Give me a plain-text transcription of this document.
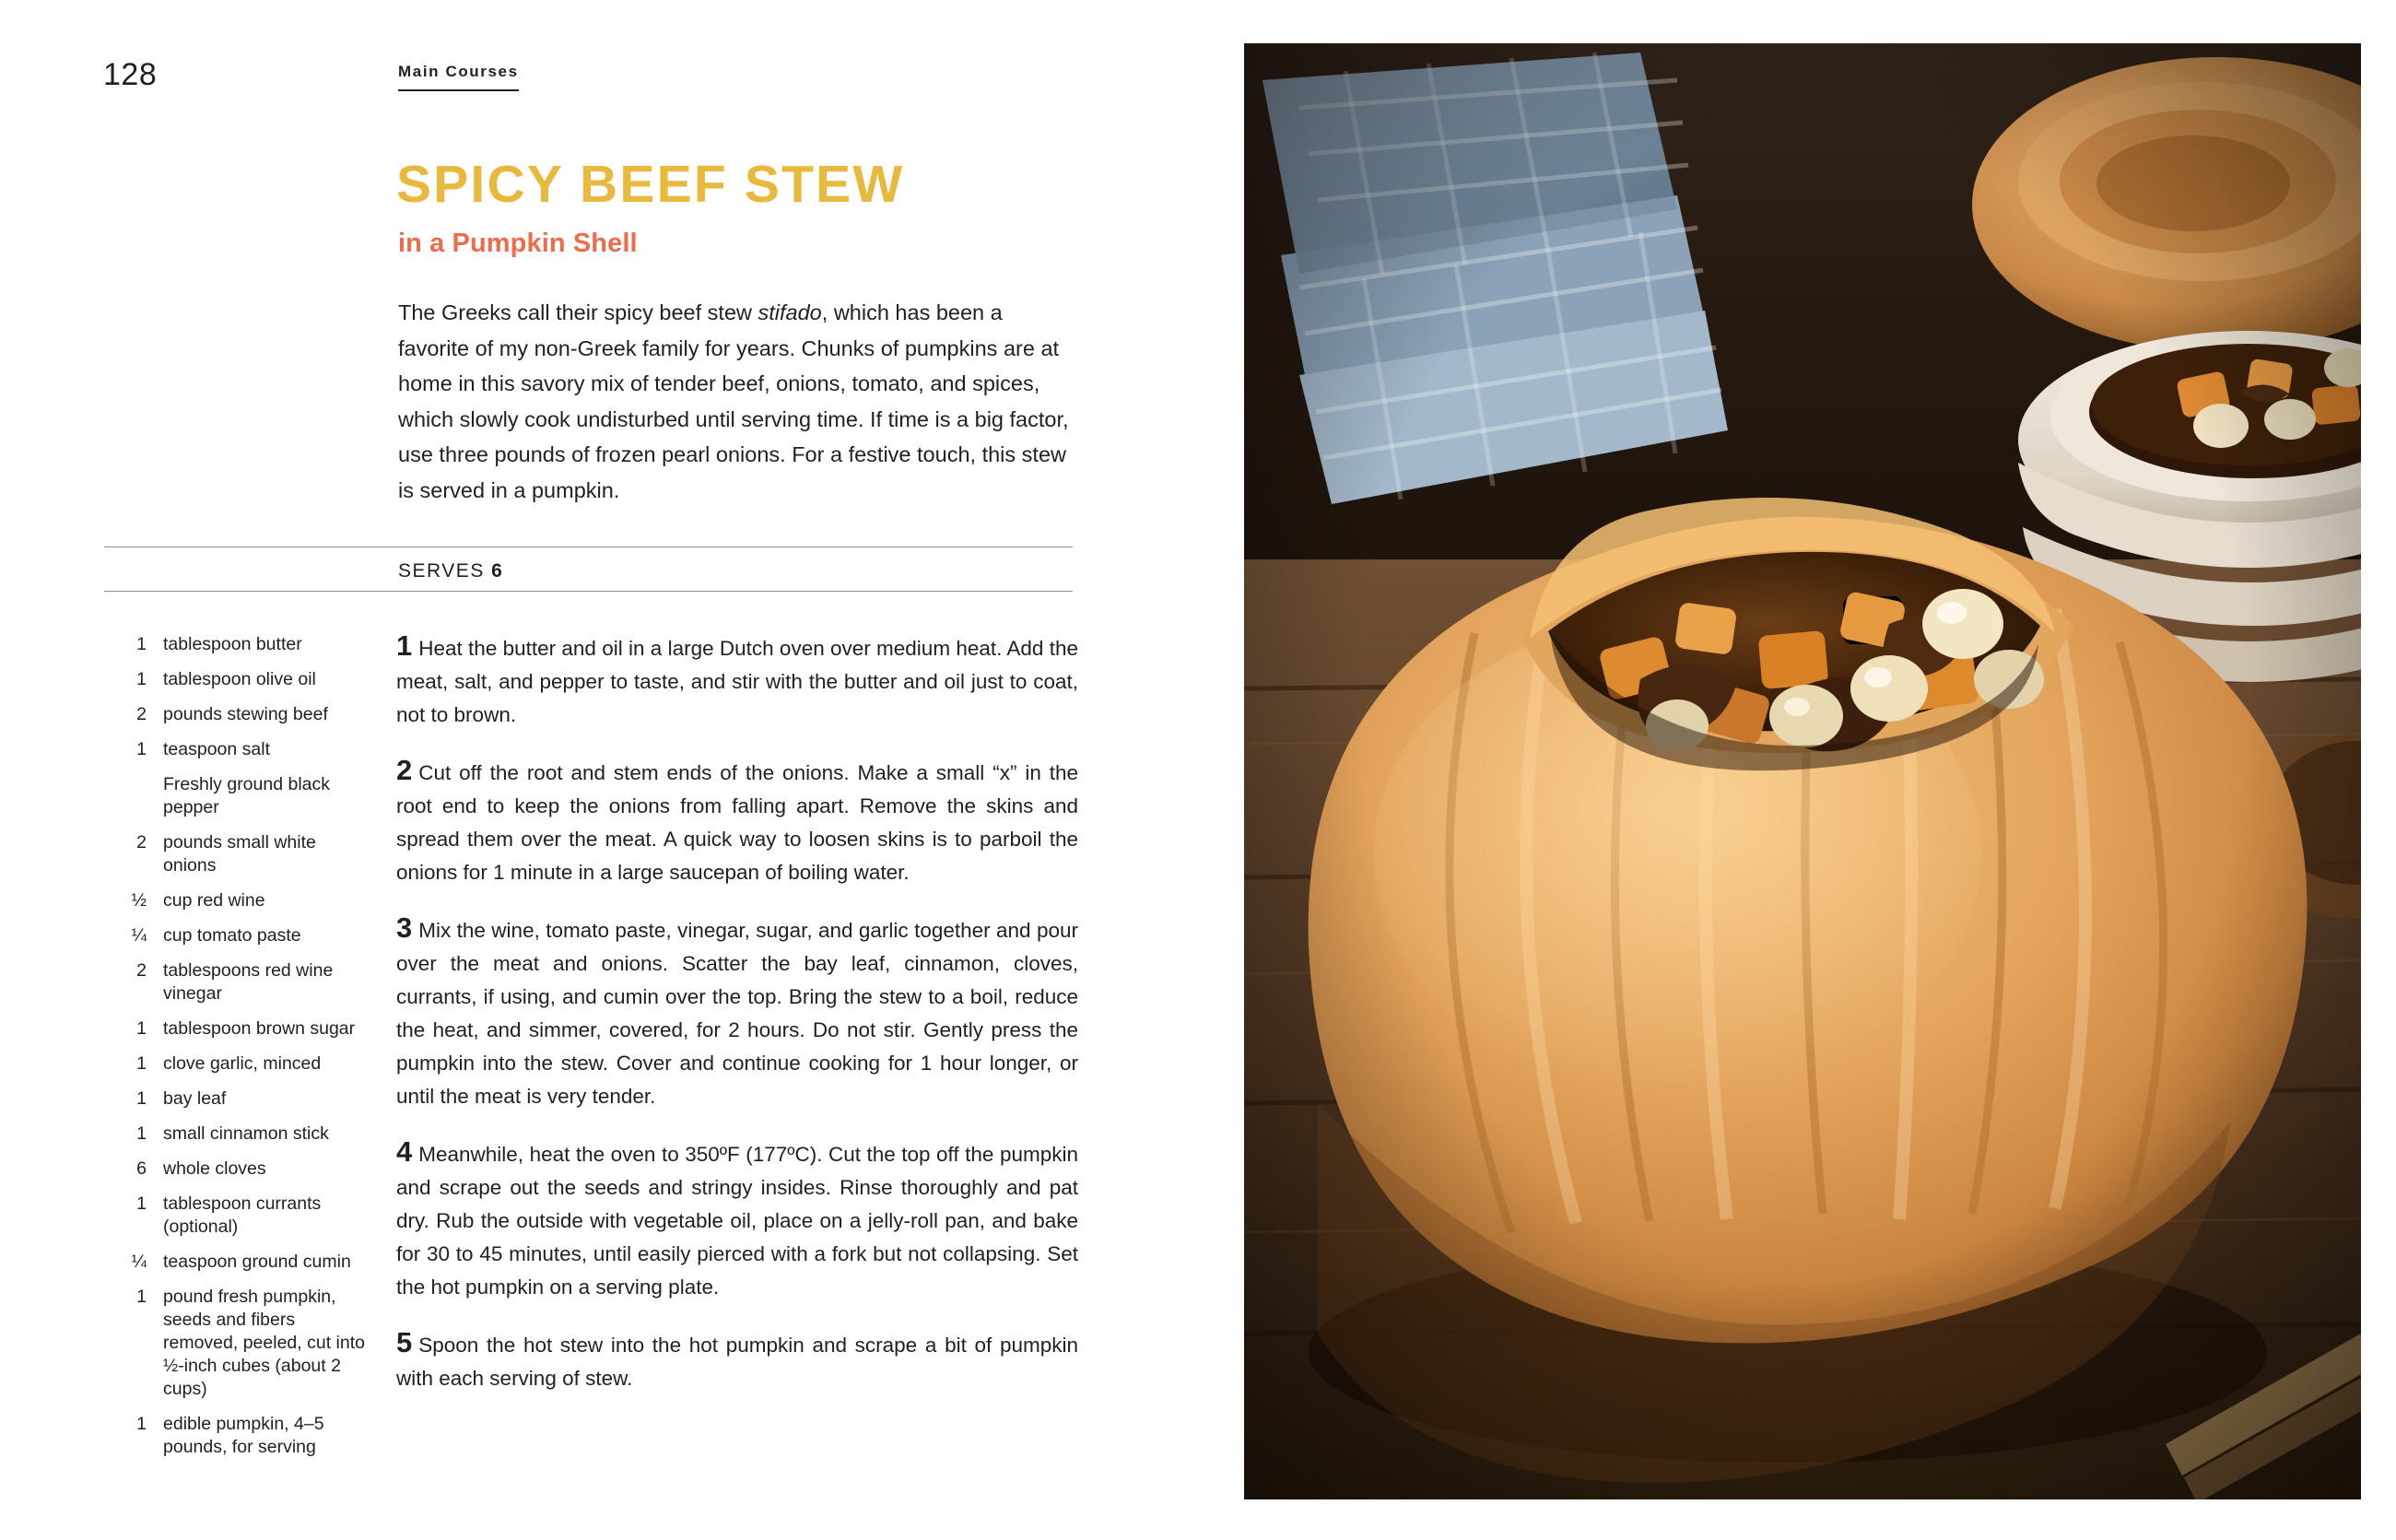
128	Main Courses
SPICY BEEF STEW
in a Pumpkin Shell
The Greeks call their spicy beef stew stifado, which has been a favorite of my non-Greek family for years. Chunks of pumpkins are at home in this savory mix of tender beef, onions, tomato, and spices, which slowly cook undisturbed until serving time. If time is a big factor, use three pounds of frozen pearl onions. For a festive touch, this stew is served in a pumpkin.
SERVES 6
1 tablespoon butter
1 tablespoon olive oil
2 pounds stewing beef
1 teaspoon salt
Freshly ground black pepper
2 pounds small white onions
½ cup red wine
¼ cup tomato paste
2 tablespoons red wine vinegar
1 tablespoon brown sugar
1 clove garlic, minced
1 bay leaf
1 small cinnamon stick
6 whole cloves
1 tablespoon currants (optional)
¼ teaspoon ground cumin
1 pound fresh pumpkin, seeds and fibers removed, peeled, cut into ½-inch cubes (about 2 cups)
1 edible pumpkin, 4–5 pounds, for serving
1 Heat the butter and oil in a large Dutch oven over medium heat. Add the meat, salt, and pepper to taste, and stir with the butter and oil just to coat, not to brown.
2 Cut off the root and stem ends of the onions. Make a small “x” in the root end to keep the onions from falling apart. Remove the skins and spread them over the meat. A quick way to loosen skins is to parboil the onions for 1 minute in a large saucepan of boiling water.
3 Mix the wine, tomato paste, vinegar, sugar, and garlic together and pour over the meat and onions. Scatter the bay leaf, cinnamon, cloves, currants, if using, and cumin over the top. Bring the stew to a boil, reduce the heat, and simmer, covered, for 2 hours. Do not stir. Gently press the pumpkin into the stew. Cover and continue cooking for 1 hour longer, or until the meat is very tender.
4 Meanwhile, heat the oven to 350ºF (177ºC). Cut the top off the pumpkin and scrape out the seeds and stringy insides. Rinse thoroughly and pat dry. Rub the outside with vegetable oil, place on a jelly-roll pan, and bake for 30 to 45 minutes, until easily pierced with a fork but not collapsing. Set the hot pumpkin on a serving plate.
5 Spoon the hot stew into the hot pumpkin and scrape a bit of pumpkin with each serving of stew.
